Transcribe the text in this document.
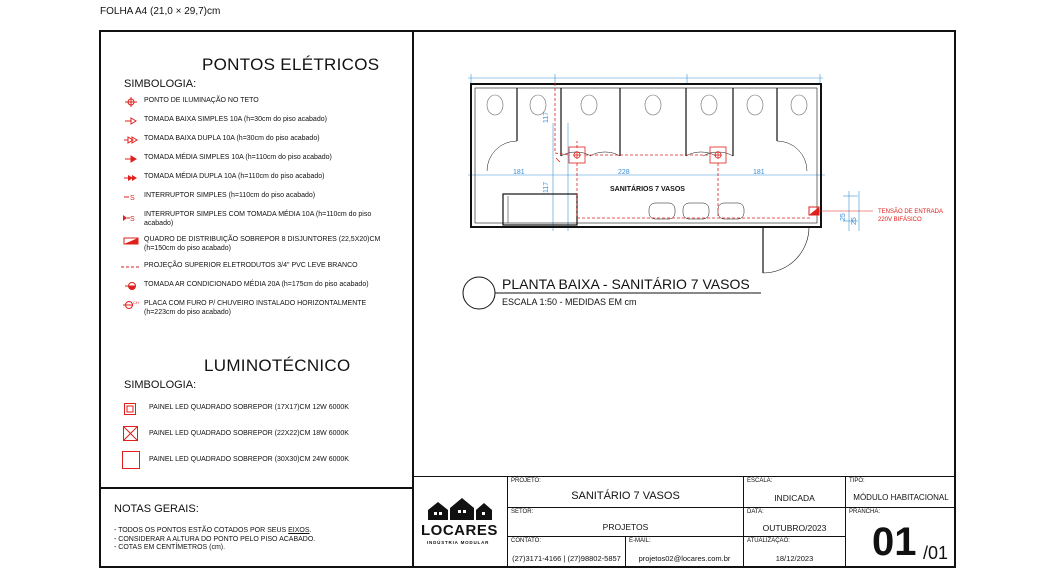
FOLHA A4 (21,0 × 29,7)cm
PONTOS ELÉTRICOS
SIMBOLOGIA:
PONTO DE ILUMINAÇÃO NO TETO
TOMADA BAIXA SIMPLES 10A (h=30cm do piso acabado)
TOMADA BAIXA DUPLA 10A (h=30cm do piso acabado)
TOMADA MÉDIA SIMPLES 10A (h=110cm do piso acabado)
TOMADA MÉDIA DUPLA 10A (h=110cm do piso acabado)
S INTERRUPTOR SIMPLES (h=110cm do piso acabado)
S
INTERRUPTOR SIMPLES COM TOMADA MÉDIA 10A (h=110cm do piso acabado)
QUADRO DE DISTRIBUIÇÃO SOBREPOR 8 DISJUNTORES (22,5X20)CM (h=150cm do piso acabado)
PROJEÇÃO SUPERIOR ELETRODUTOS 3/4" PVC LEVE BRANCO
TOMADA AR CONDICIONADO MÉDIA 20A (h=175cm do piso acabado)
CH PLACA COM FURO P/ CHUVEIRO INSTALADO HORIZONTALMENTE (h=223cm do piso acabado)
LUMINOTÉCNICO
SIMBOLOGIA:
PAINEL LED QUADRADO SOBREPOR (17X17)CM 12W 6000K
PAINEL LED QUADRADO SOBREPOR (22X22)CM 18W 6000K
PAINEL LED QUADRADO SOBREPOR (30X30)CM 24W 6000K
NOTAS GERAIS:
- TODOS OS PONTOS ESTÃO COTADOS POR SEUS EIXOS.
- CONSIDERAR A ALTURA DO PONTO PELO PISO ACABADO.
- COTAS EM CENTÍMETROS (cm).
181	228	181
117
117
25
25
SANITÁRIOS 7 VASOS
TENSÃO DE ENTRADA
220V BIFÁSICO
PLANTA BAIXA - SANITÁRIO 7 VASOS
ESCALA 1:50 - MEDIDAS EM cm
LOCARES
INDÚSTRIA MODULAR
PROJETO:
SANITÁRIO 7 VASOS
ESCALA:
INDICADA
TIPO:
MÓDULO HABITACIONAL
SETOR:
PROJETOS
DATA:
OUTUBRO/2023
PRANCHA:
01 /01
CONTATO:
(27)3171-4166 | (27)98802-5857
E-MAIL:
projetos02@locares.com.br
ATUALIZAÇÃO:
18/12/2023
